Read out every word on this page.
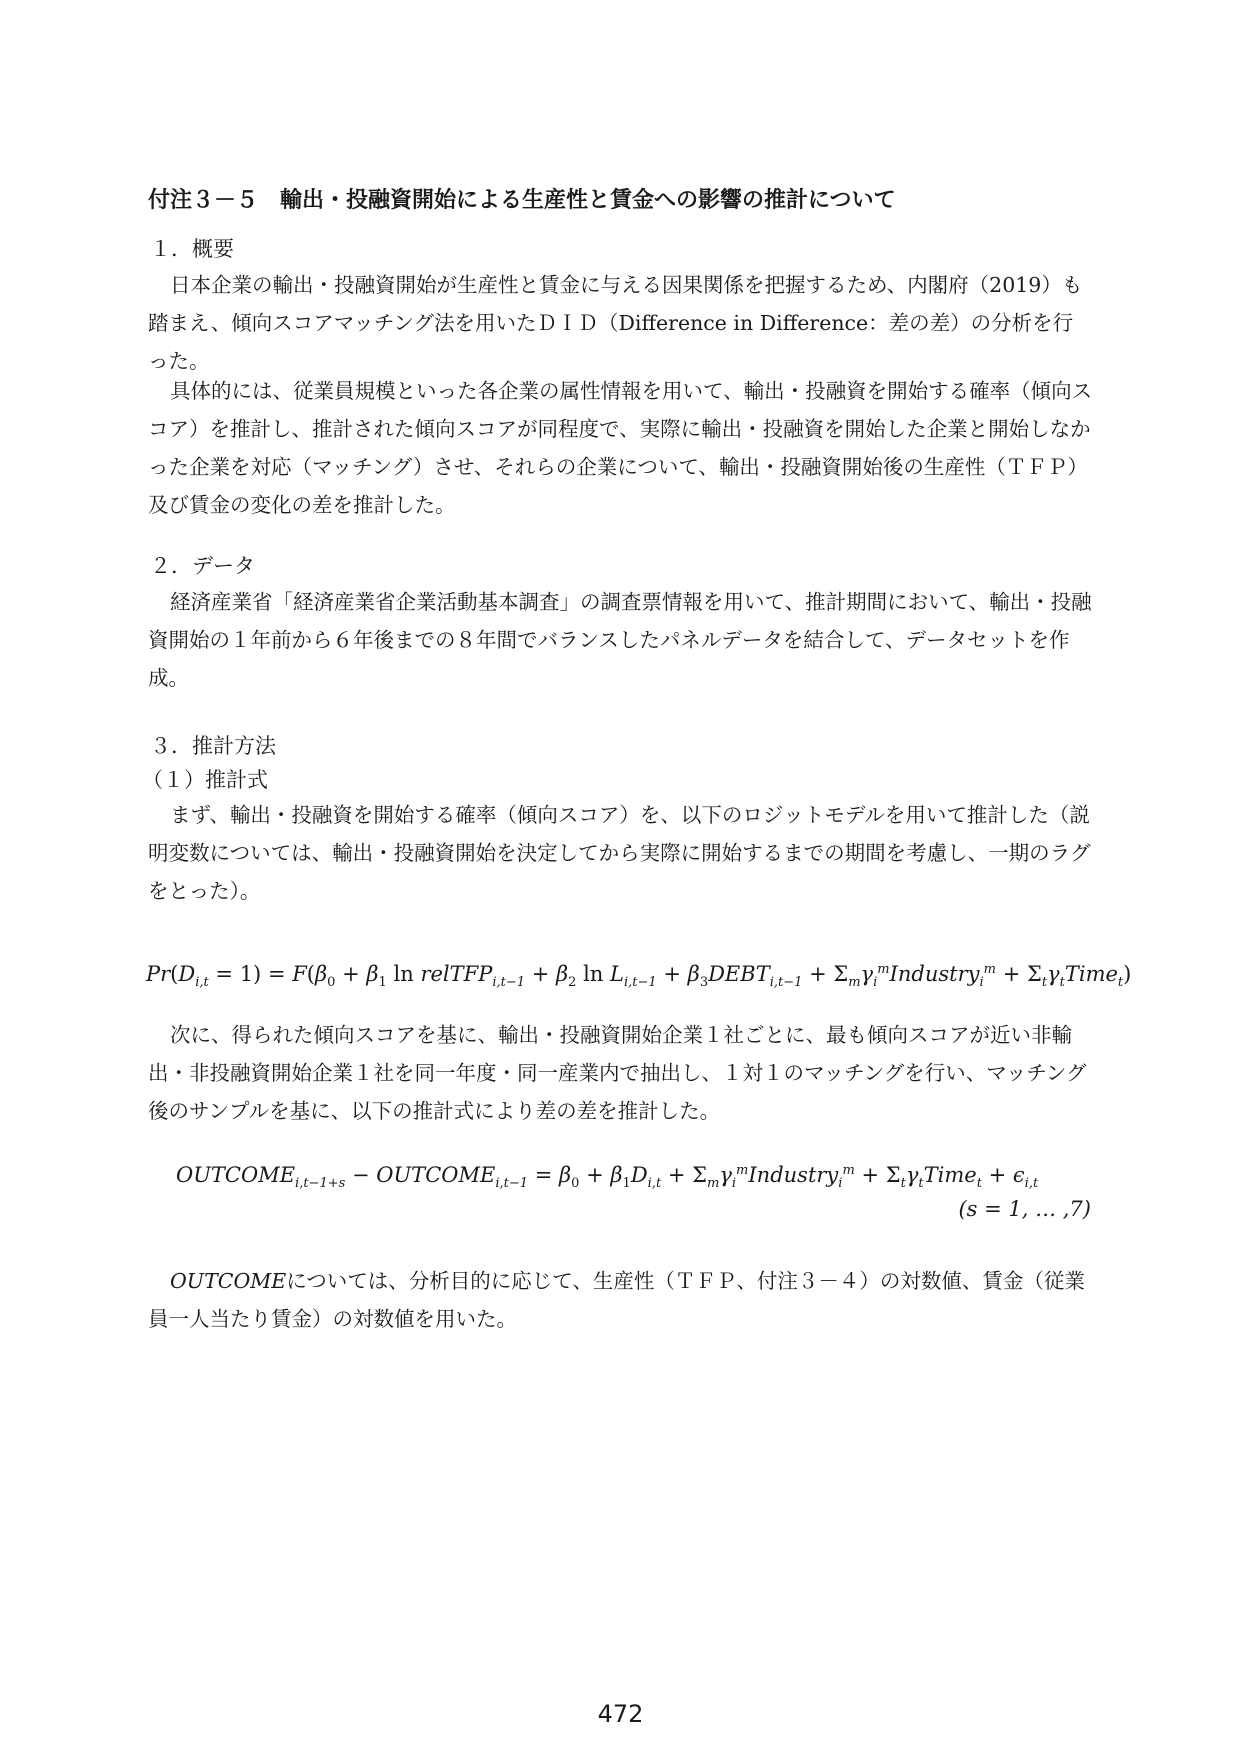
付注３－５　輸出・投融資開始による生産性と賃金への影響の推計について
１．概要

日本企業の輸出・投融資開始が生産性と賃金に与える因果関係を把握するため、内閣府（2019）も踏まえ、傾向スコアマッチング法を用いたＤＩＤ（Difference in Difference：差の差）の分析を行った。

具体的には、従業員規模といった各企業の属性情報を用いて、輸出・投融資を開始する確率（傾向スコア）を推計し、推計された傾向スコアが同程度で、実際に輸出・投融資を開始した企業と開始しなかった企業を対応（マッチング）させ、それらの企業について、輸出・投融資開始後の生産性（ＴＦＰ）及び賃金の変化の差を推計した。

２．データ

経済産業省「経済産業省企業活動基本調査」の調査票情報を用いて、推計期間において、輸出・投融資開始の１年前から６年後までの８年間でバランスしたパネルデータを結合して、データセットを作成。

３．推計方法
（１）推計式

まず、輸出・投融資を開始する確率（傾向スコア）を、以下のロジットモデルを用いて推計した（説明変数については、輸出・投融資開始を決定してから実際に開始するまでの期間を考慮し、一期のラグをとった）。

$Pr(D_{i,t} = 1) = F(\beta_0 + \beta_1$ ln relTFP$_{i,t-1}$ + $\beta_2$ $\ln L_{i,t-1}$ + $\beta_3DEBT_{i,t-1}$ + $\Sigma_m\gamma_i^mIndustry_i^m$ + $\Sigma_t\gamma_tTime_t$)

次に、得られた傾向スコアを基に、輸出・投融資開始企業１社ごとに、最も傾向スコアが近い非輸出・非投融資開始企業１社を同一年度・同一産業内で抽出し、１対１のマッチングを行い、マッチング後のサンプルを基に、以下の推計式により差の差を推計した。

$OUTCOME_{i,t-1+s}$ − $OUTCOME_{i,t-1} = \beta_0 + \beta_1D_{i,t}$ + $\Sigma_m\gamma_i^mIndustry_i^m$ + $\Sigma_t\gamma_tTime_t + \epsilon_{i,t}$
(s = 1, … ,7)

OUTCOMEについては、分析目的に応じて、生産性（ＴＦＰ、付注３－４）の対数値、賃金（従業員一人当たり賃金）の対数値を用いた。

472
